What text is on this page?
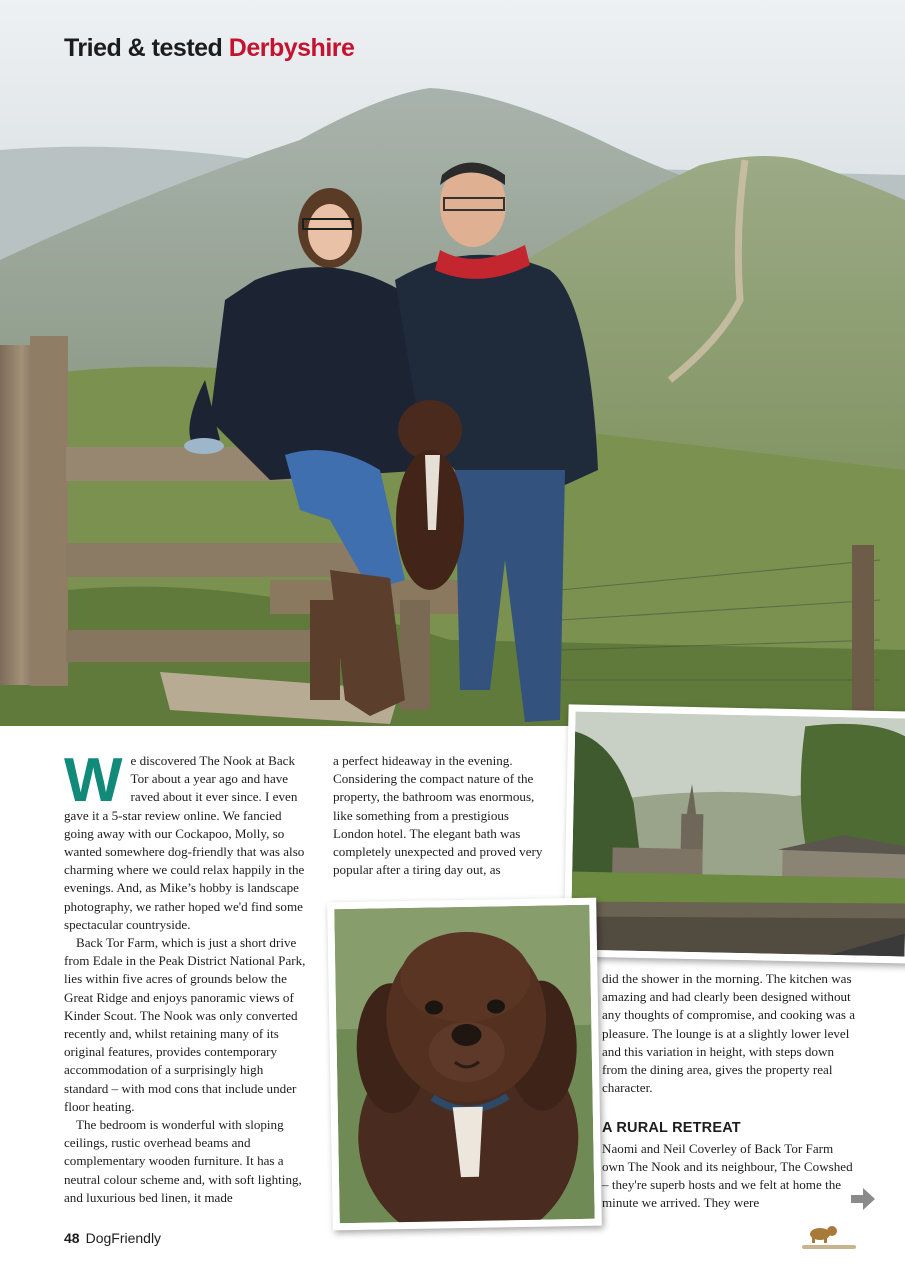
Tried & tested Derbyshire

We discovered The Nook at Back Tor about a year ago and have raved about it ever since. I even gave it a 5-star review online. We fancied going away with our Cockapoo, Molly, so wanted somewhere dog-friendly that was also charming where we could relax happily in the evenings. And, as Mike’s hobby is landscape photography, we rather hoped we'd find some spectacular countryside.

Back Tor Farm, which is just a short drive from Edale in the Peak District National Park, lies within five acres of grounds below the Great Ridge and enjoys panoramic views of Kinder Scout. The Nook was only converted recently and, whilst retaining many of its original features, provides contemporary accommodation of a surprisingly high standard – with mod cons that include under floor heating.

The bedroom is wonderful with sloping ceilings, rustic overhead beams and complementary wooden furniture. It has a neutral colour scheme and, with soft lighting, and luxurious bed linen, it made

a perfect hideaway in the evening. Considering the compact nature of the property, the bathroom was enormous, like something from a prestigious London hotel. The elegant bath was completely unexpected and proved very popular after a tiring day out, as

did the shower in the morning. The kitchen was amazing and had clearly been designed without any thoughts of compromise, and cooking was a pleasure. The lounge is at a slightly lower level and this variation in height, with steps down from the dining area, gives the property real character.

A RURAL RETREAT

Naomi and Neil Coverley of Back Tor Farm own The Nook and its neighbour, The Cowshed – they're superb hosts and we felt at home the minute we arrived. They were

48 DogFriendly
